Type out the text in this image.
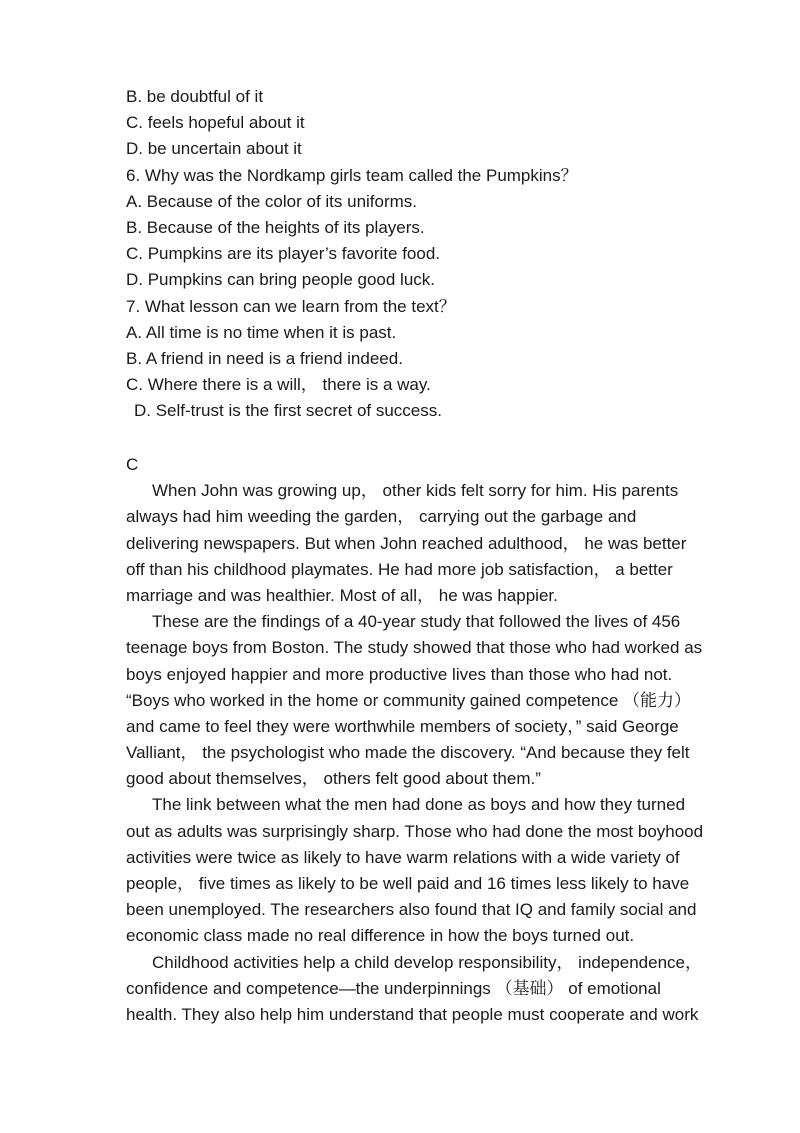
B. be doubtful of it
C. feels hopeful about it
D. be uncertain about it
6. Why was the Nordkamp girls team called the Pumpkins？
A. Because of the color of its uniforms.
B. Because of the heights of its players.
C. Pumpkins are its player’s favorite food.
D. Pumpkins can bring people good luck.
7. What lesson can we learn from the text？
A. All time is no time when it is past.
B. A friend in need is a friend indeed.
C. Where there is a will， there is a way.
D. Self-trust is the first secret of success.
C
When John was growing up， other kids felt sorry for him. His parents
always had him weeding the garden， carrying out the garbage and
delivering newspapers. But when John reached adulthood， he was better
off than his childhood playmates. He had more job satisfaction， a better
marriage and was healthier. Most of all， he was happier.
These are the findings of a 40-year study that followed the lives of 456
teenage boys from Boston. The study showed that those who had worked as
boys enjoyed happier and more productive lives than those who had not.
“Boys who worked in the home or community gained competence （能力）
and came to feel they were worthwhile members of society，” said George
Valliant， the psychologist who made the discovery. “And because they felt
good about themselves， others felt good about them.”
The link between what the men had done as boys and how they turned
out as adults was surprisingly sharp. Those who had done the most boyhood
activities were twice as likely to have warm relations with a wide variety of
people， five times as likely to be well paid and 16 times less likely to have
been unemployed. The researchers also found that IQ and family social and
economic class made no real difference in how the boys turned out.
Childhood activities help a child develop responsibility， independence，
confidence and competence—the underpinnings （基础） of emotional
health. They also help him understand that people must cooperate and work
